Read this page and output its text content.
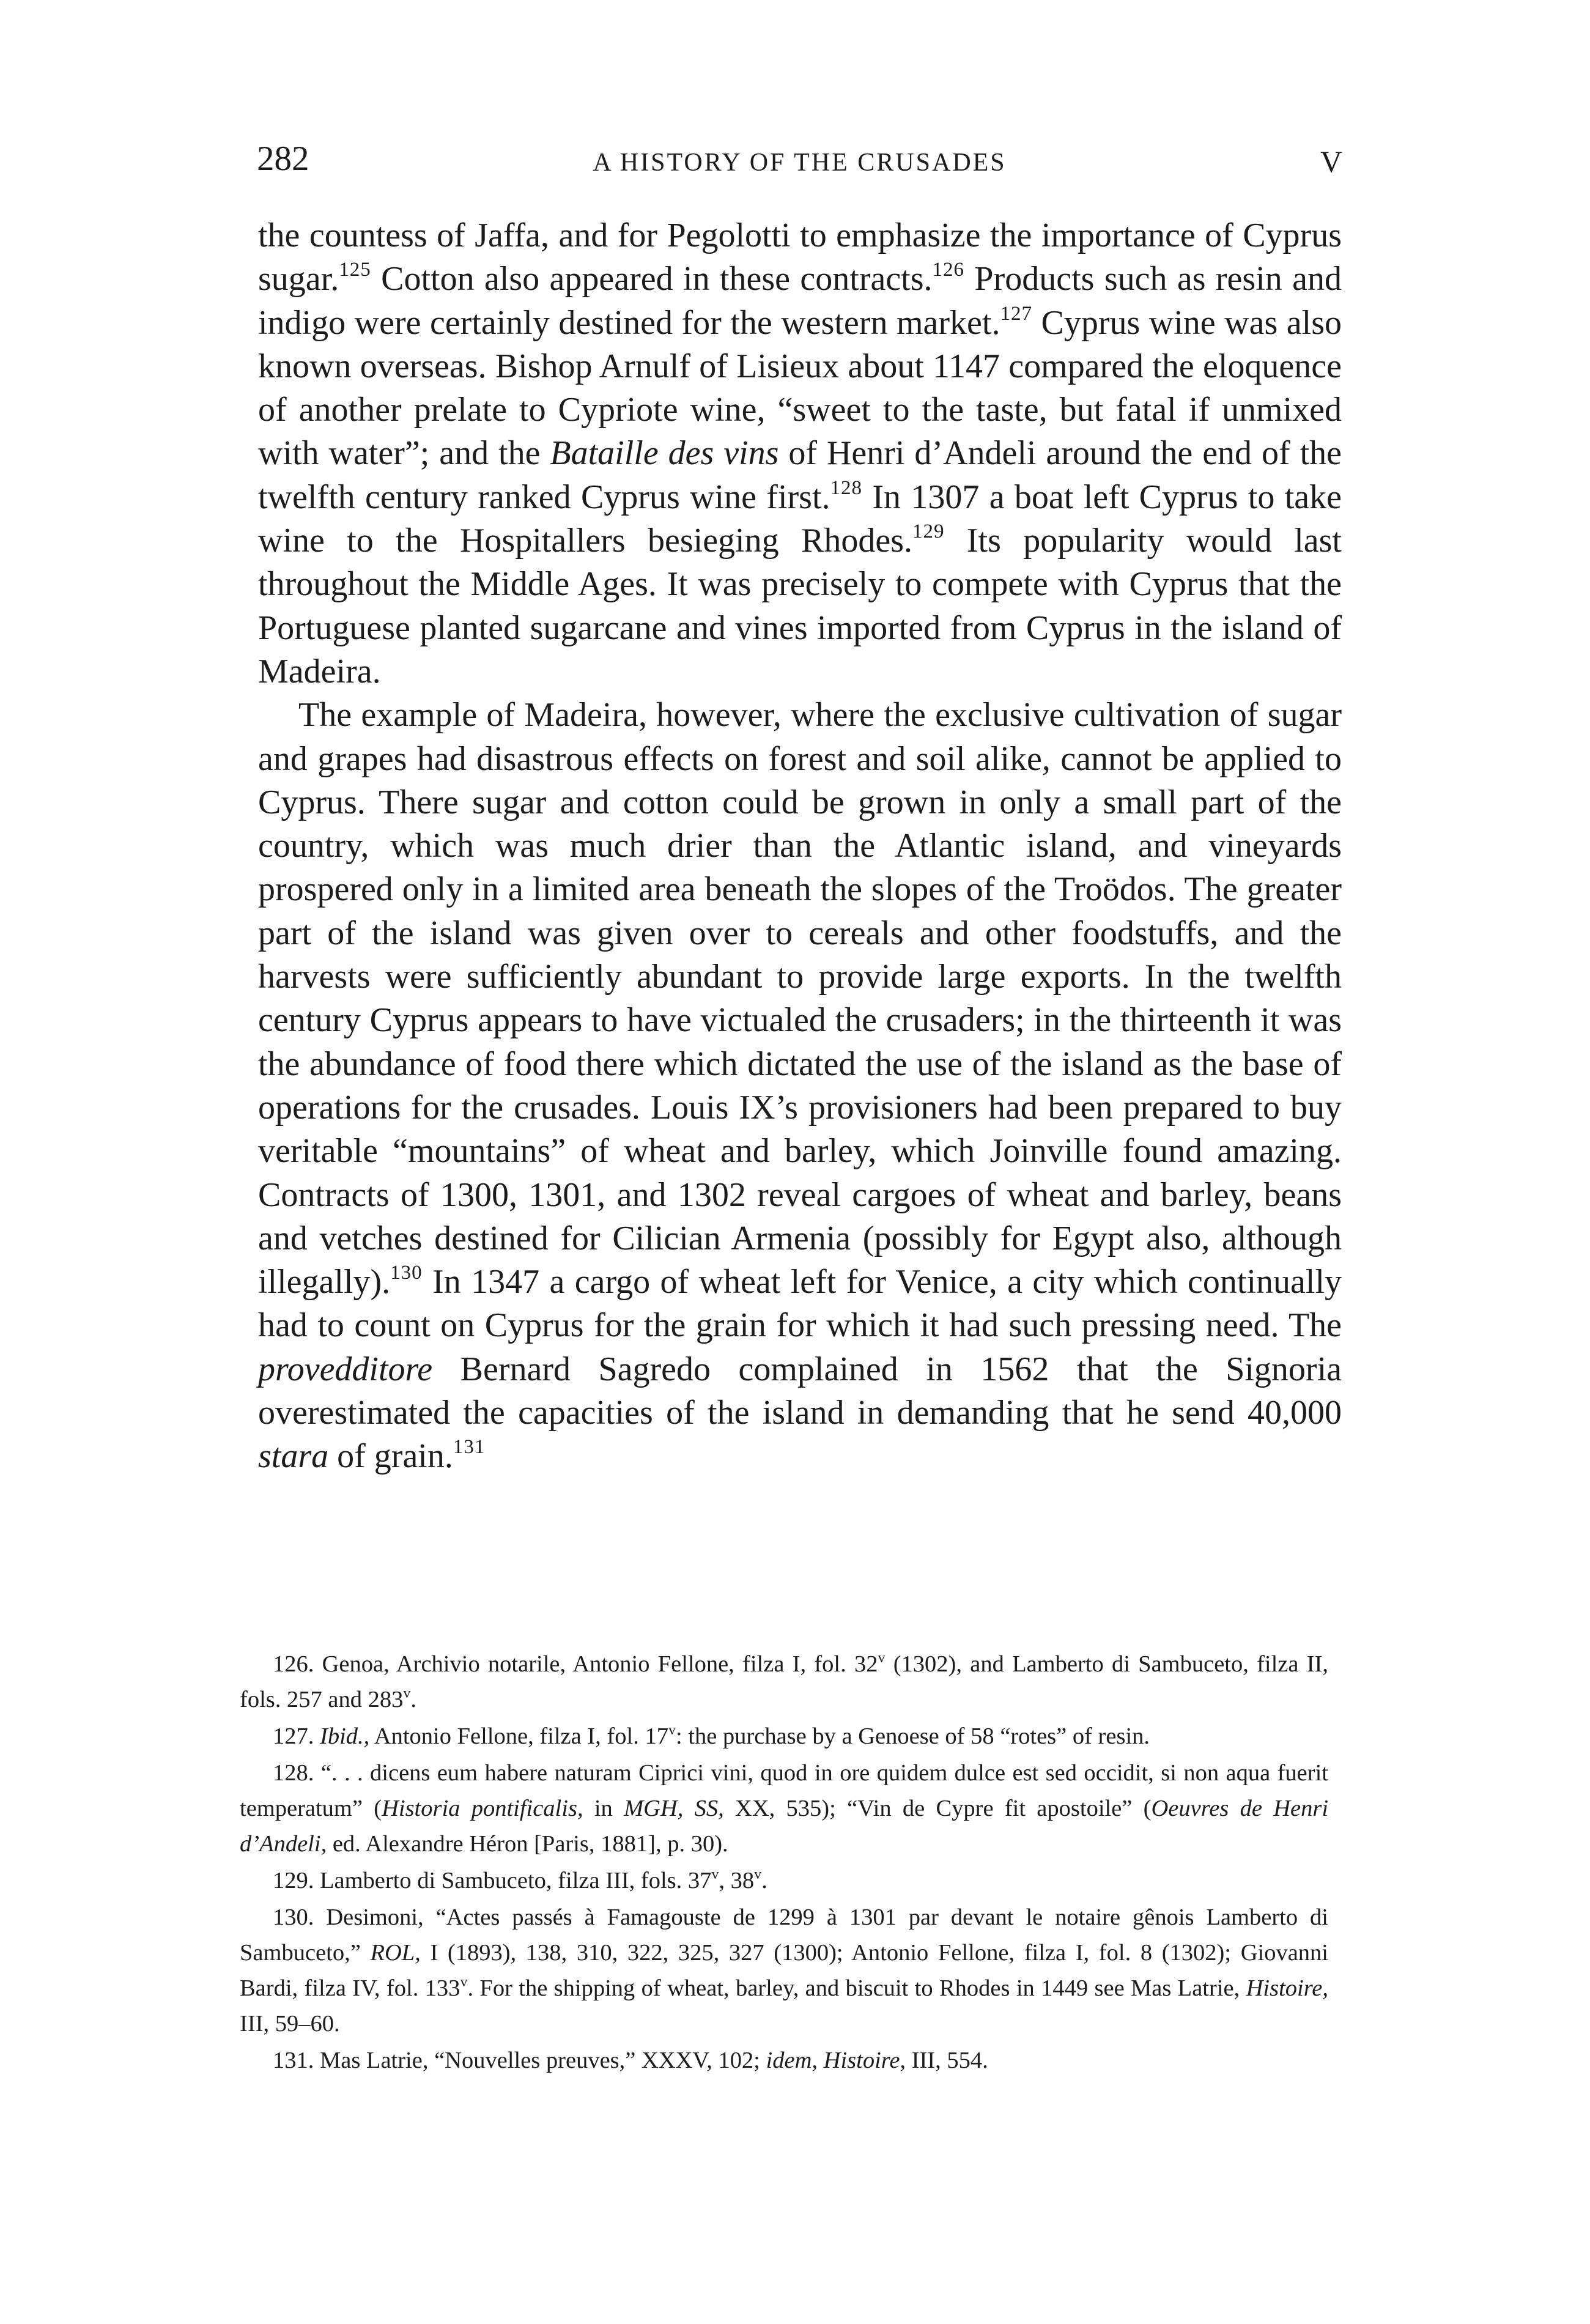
282	A HISTORY OF THE CRUSADES	V

the countess of Jaffa, and for Pegolotti to emphasize the importance of Cyprus sugar.$^{125}$ Cotton also appeared in these contracts.$^{126}$ Products such as resin and indigo were certainly destined for the western market.$^{127}$ Cyprus wine was also known overseas. Bishop Arnulf of Lisieux about 1147 compared the eloquence of another prelate to Cypriote wine, “sweet to the taste, but fatal if unmixed with water”; and the Bataille des vins of Henri d’Andeli around the end of the twelfth century ranked Cyprus wine first.$^{128}$ In 1307 a boat left Cyprus to take wine to the Hospitallers besieging Rhodes.$^{129}$ Its popularity would last throughout the Middle Ages. It was precisely to compete with Cyprus that the Portuguese planted sugarcane and vines imported from Cyprus in the island of Madeira.

The example of Madeira, however, where the exclusive cultivation of sugar and grapes had disastrous effects on forest and soil alike, cannot be applied to Cyprus. There sugar and cotton could be grown in only a small part of the country, which was much drier than the Atlantic island, and vineyards prospered only in a limited area beneath the slopes of the Troödos. The greater part of the island was given over to cereals and other foodstuffs, and the harvests were sufficiently abundant to provide large exports. In the twelfth century Cyprus appears to have victualed the crusaders; in the thirteenth it was the abundance of food there which dictated the use of the island as the base of operations for the crusades. Louis IX’s provisioners had been prepared to buy veritable “mountains” of wheat and barley, which Joinville found amazing. Contracts of 1300, 1301, and 1302 reveal cargoes of wheat and barley, beans and vetches destined for Cilician Armenia (possibly for Egypt also, although illegally).$^{130}$ In 1347 a cargo of wheat left for Venice, a city which continually had to count on Cyprus for the grain for which it had such pressing need. The provedditore Bernard Sagredo complained in 1562 that the Signoria overestimated the capacities of the island in demanding that he send 40,000 stara of grain.$^{131}$

126. Genoa, Archivio notarile, Antonio Fellone, filza I, fol. 32$^v$ (1302), and Lamberto di Sambuceto, filza II, fols. 257 and 283$^v$.

127. Ibid., Antonio Fellone, filza I, fol. 17$^v$: the purchase by a Genoese of 58 “rotes” of resin.

128. “. . . dicens eum habere naturam Ciprici vini, quod in ore quidem dulce est sed occidit, si non aqua fuerit temperatum” (Historia pontificalis, in MGH, SS, XX, 535); “Vin de Cypre fit apostoile” (Oeuvres de Henri d’Andeli, ed. Alexandre Héron [Paris, 1881], p. 30).

129. Lamberto di Sambuceto, filza III, fols. 37$^v$, 38$^v$.

130. Desimoni, “Actes passés à Famagouste de 1299 à 1301 par devant le notaire gênois Lamberto di Sambuceto,” ROL, I (1893), 138, 310, 322, 325, 327 (1300); Antonio Fellone, filza I, fol. 8 (1302); Giovanni Bardi, filza IV, fol. 133$^v$. For the shipping of wheat, barley, and biscuit to Rhodes in 1449 see Mas Latrie, Histoire, III, 59–60.

131. Mas Latrie, “Nouvelles preuves,” XXXV, 102; idem, Histoire, III, 554.
